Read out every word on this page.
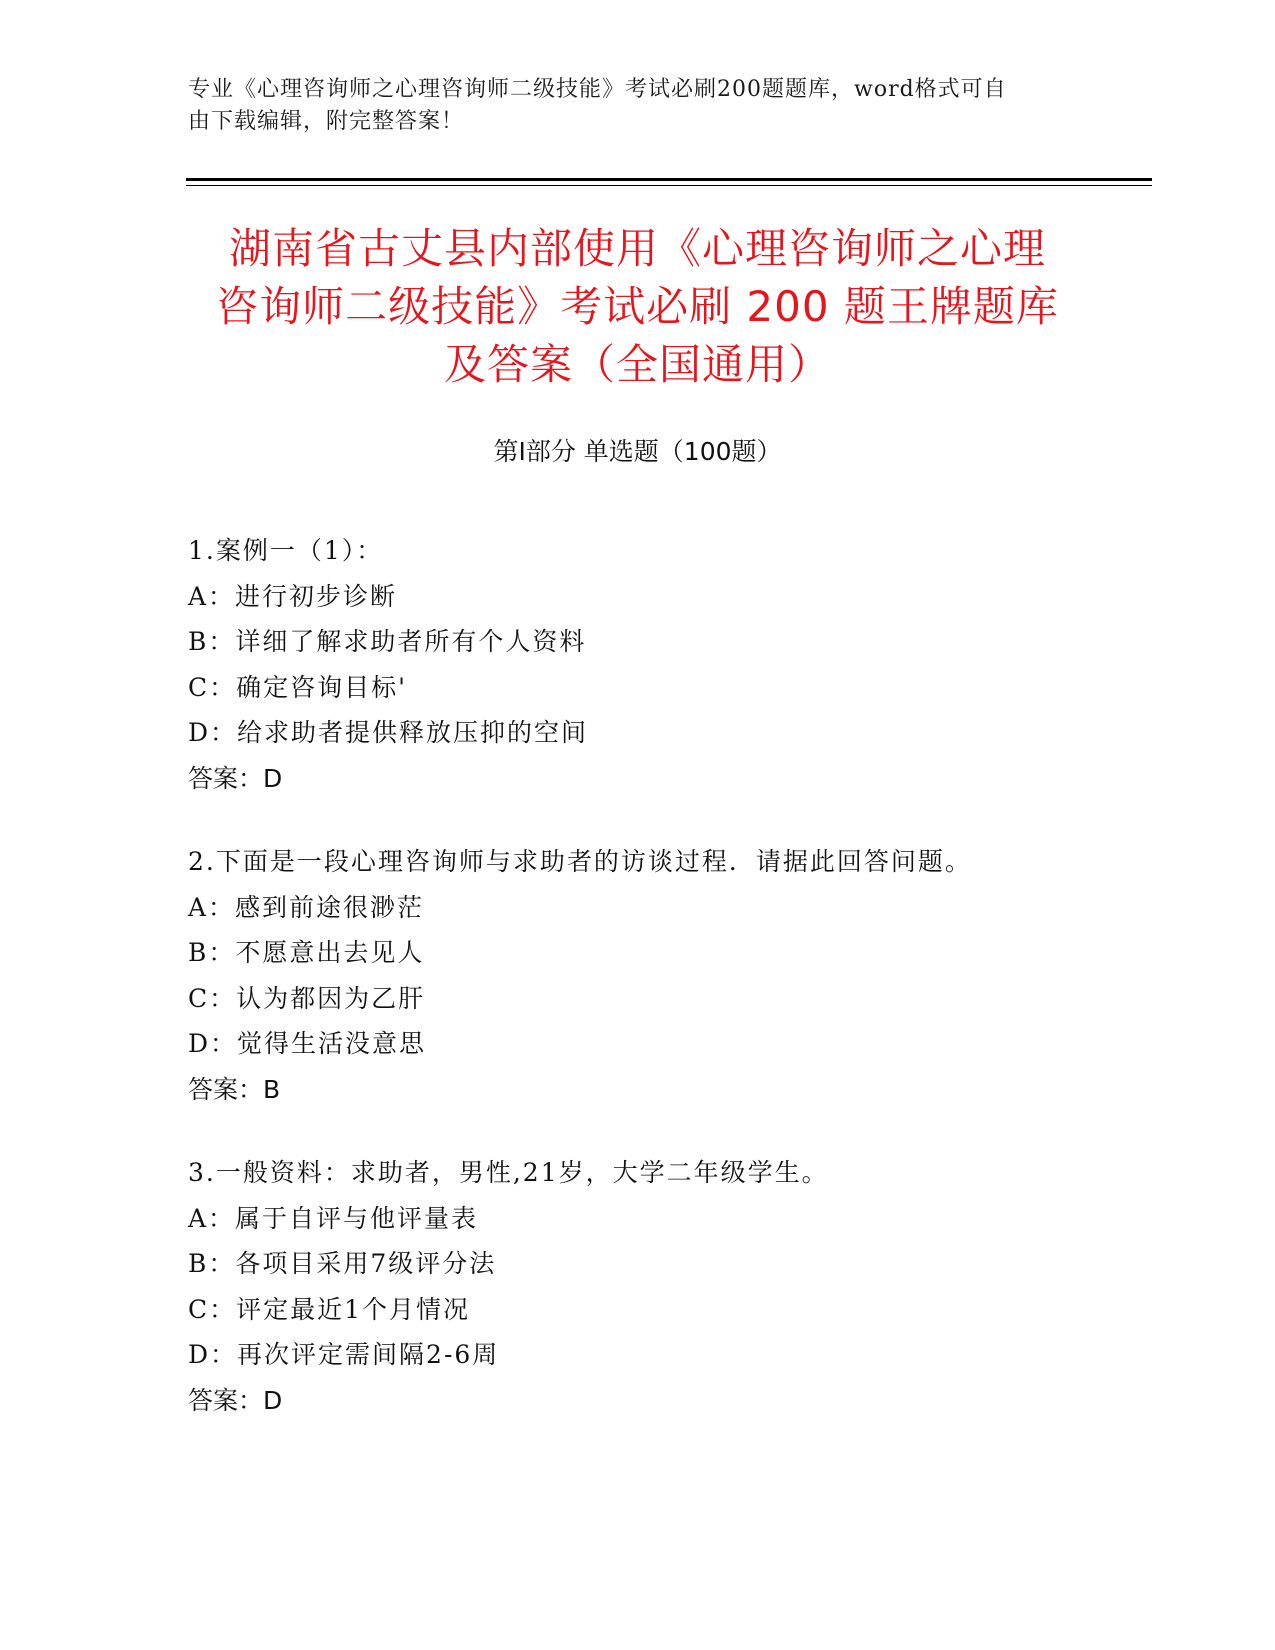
专业《心理咨询师之心理咨询师二级技能》考试必刷200题题库，word格式可自
由下载编辑，附完整答案！
湖南省古丈县内部使用《心理咨询师之心理
咨询师二级技能》考试必刷 200 题王牌题库
及答案（全国通用）
第Ⅰ部分 单选题（100题）
1.案例一（1）：
A：进行初步诊断
B：详细了解求助者所有个人资料
C：确定咨询目标'
D：给求助者提供释放压抑的空间
答案：D
2.下面是一段心理咨询师与求助者的访谈过程．请据此回答问题。
A：感到前途很渺茫
B：不愿意出去见人
C：认为都因为乙肝
D：觉得生活没意思
答案：B
3.一般资料：求助者，男性,21岁，大学二年级学生。
A：属于自评与他评量表
B：各项目采用7级评分法
C：评定最近1个月情况
D：再次评定需间隔2-6周
答案：D
